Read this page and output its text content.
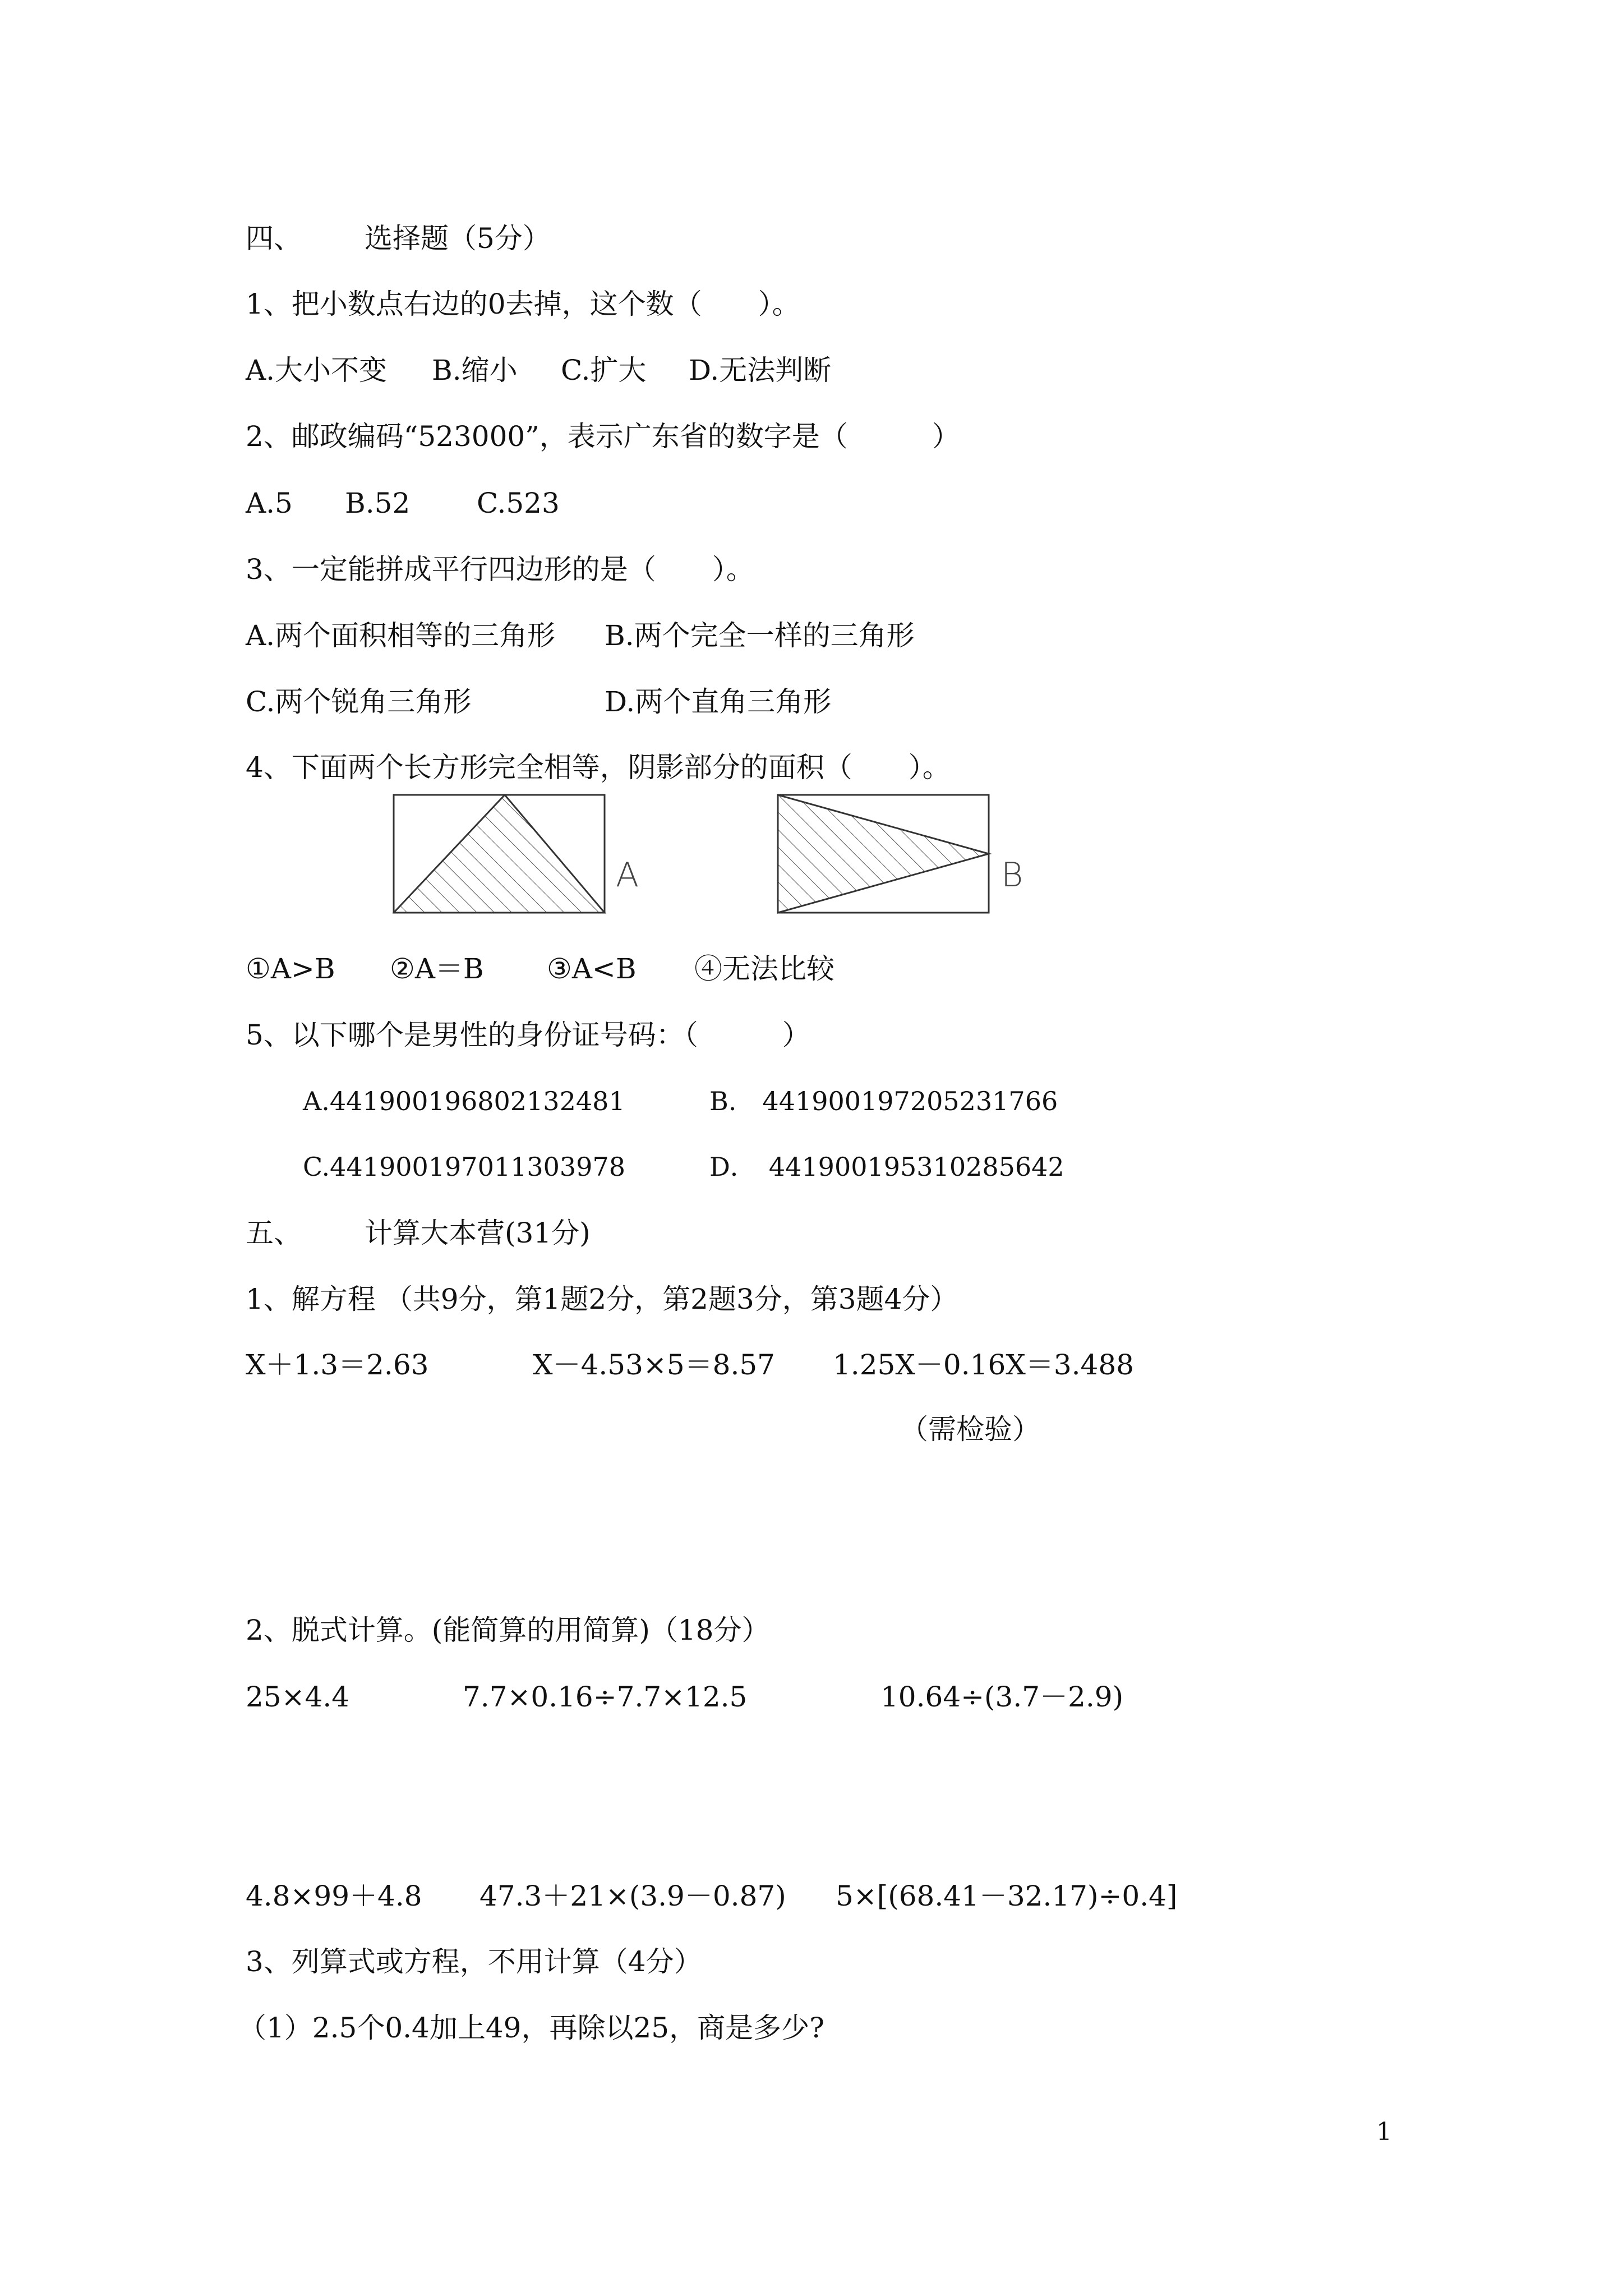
四、

选择题（5分）

1、把小数点右边的0去掉，这个数（　　）。

A.大小不变

B.缩小

C.扩大

D.无法判断

2、邮政编码“523000”，表示广东省的数字是（　　　）

A.5

B.52

C.523

3、一定能拼成平行四边形的是（　　）。

A.两个面积相等的三角形

B.两个完全一样的三角形

C.两个锐角三角形

	D.两个直角三角形

4、下面两个长方形完全相等，阴影部分的面积（　　）。

A	B

①A>B

②A＝B

③A<B

④无法比较

5、以下哪个是男性的身份证号码：（　　　）

A.441900196802132481

	B.　441900197205231766

C.441900197011303978

	D．　441900195310285642

五、

计算大本营(31分)

1、解方程 （共9分，第1题2分，第2题3分，第3题4分）

X＋1.3＝2.63

	X－4.53×5＝8.57

1.25X－0.16X＝3.488

（需检验）

2、脱式计算。(能简算的用简算)（18分）

25×4.4

	7.7×0.16÷7.7×12.5

	10.64÷(3.7－2.9)

4.8×99＋4.8

47.3＋21×(3.9－0.87)

5×[(68.41－32.17)÷0.4]

3、列算式或方程，不用计算（4分）

（1）2.5个0.4加上49，再除以25，商是多少?

1
